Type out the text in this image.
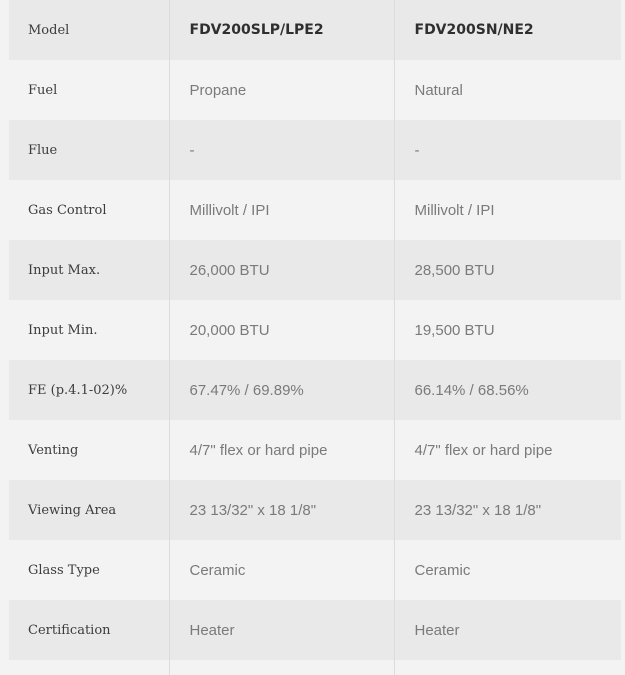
Model	FDV200SLP/LPE2	FDV200SN/NE2
Fuel	Propane	Natural
Flue	-	-
Gas Control	Millivolt / IPI	Millivolt / IPI
Input Max.	26,000 BTU	28,500 BTU
Input Min.	20,000 BTU	19,500 BTU
FE (p.4.1-02)%	67.47% / 69.89%	66.14% / 68.56%
Venting	4/7" flex or hard pipe	4/7" flex or hard pipe
Viewing Area	23 13/32" x 18 1/8"	23 13/32" x 18 1/8"
Glass Type	Ceramic	Ceramic
Certification	Heater	Heater
